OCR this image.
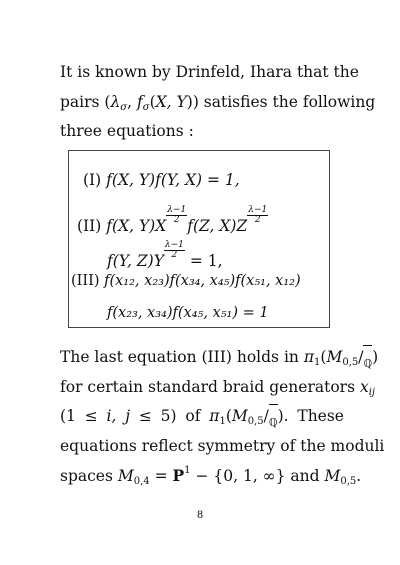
It is known by Drinfeld, Ihara that the
pairs ($\lambda_\sigma$, $f_\sigma(X$, Y)) satisfies the following
three equations :
(I) f(X, Y)f(Y, X) = 1,
(II) f(X, Y)X
$\frac{\lambda-1}{2}$
f(Z, X)Z
$\frac{\lambda-1}{2}$
f(Y, Z)Y
$\frac{\lambda-1}{2}$
= 1,
(III) f(x₁₂, x₂₃)f(x₃₄, x₄₅)f(x₅₁, x₁₂)
f(x₂₃, x₃₄)f(x₄₅, x₅₁) = 1
The last equation (III) holds in $\pi_1(M_{0,5}/$
$_ℚ$)
for certain standard braid generators $x_{ij}$
(1 ≤ i, j ≤ 5) of $\pi_1(M_{0,5}/$
$_ℚ$). These
equations reflect symmetry of the moduli
spaces $M_{0,4} = P^1 - \{0$, 1, ∞} and $M_{0,5}$.
8
